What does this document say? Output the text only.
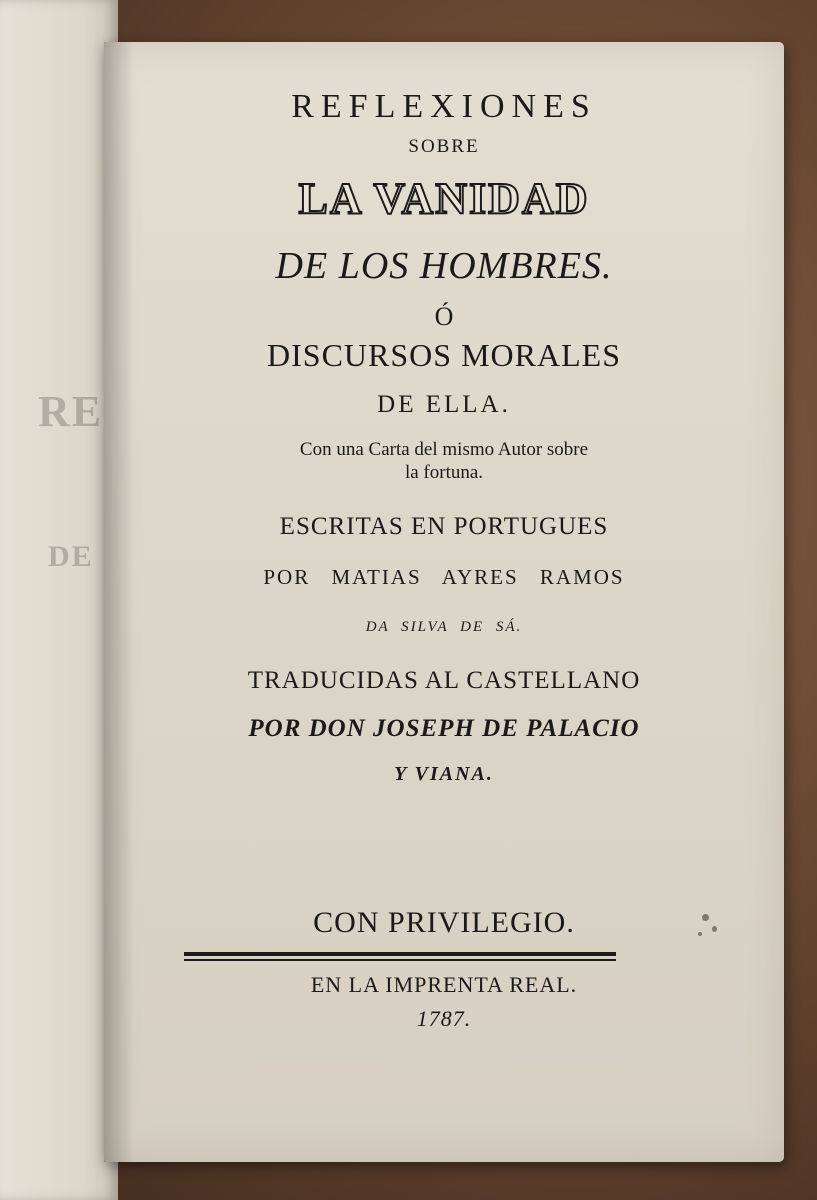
RE
DE

REFLEXIONES

SOBRE

LA VANIDAD

DE LOS HOMBRES.

Ó

DISCURSOS MORALES

DE ELLA.

Con una Carta del mismo Autor sobre

la fortuna.

ESCRITAS EN PORTUGUES

POR MATIAS AYRES RAMOS

DA SILVA DE SÁ.

TRADUCIDAS AL CASTELLANO

POR DON JOSEPH DE PALACIO

Y VIANA.

CON PRIVILEGIO.

EN LA IMPRENTA REAL.

1787.
